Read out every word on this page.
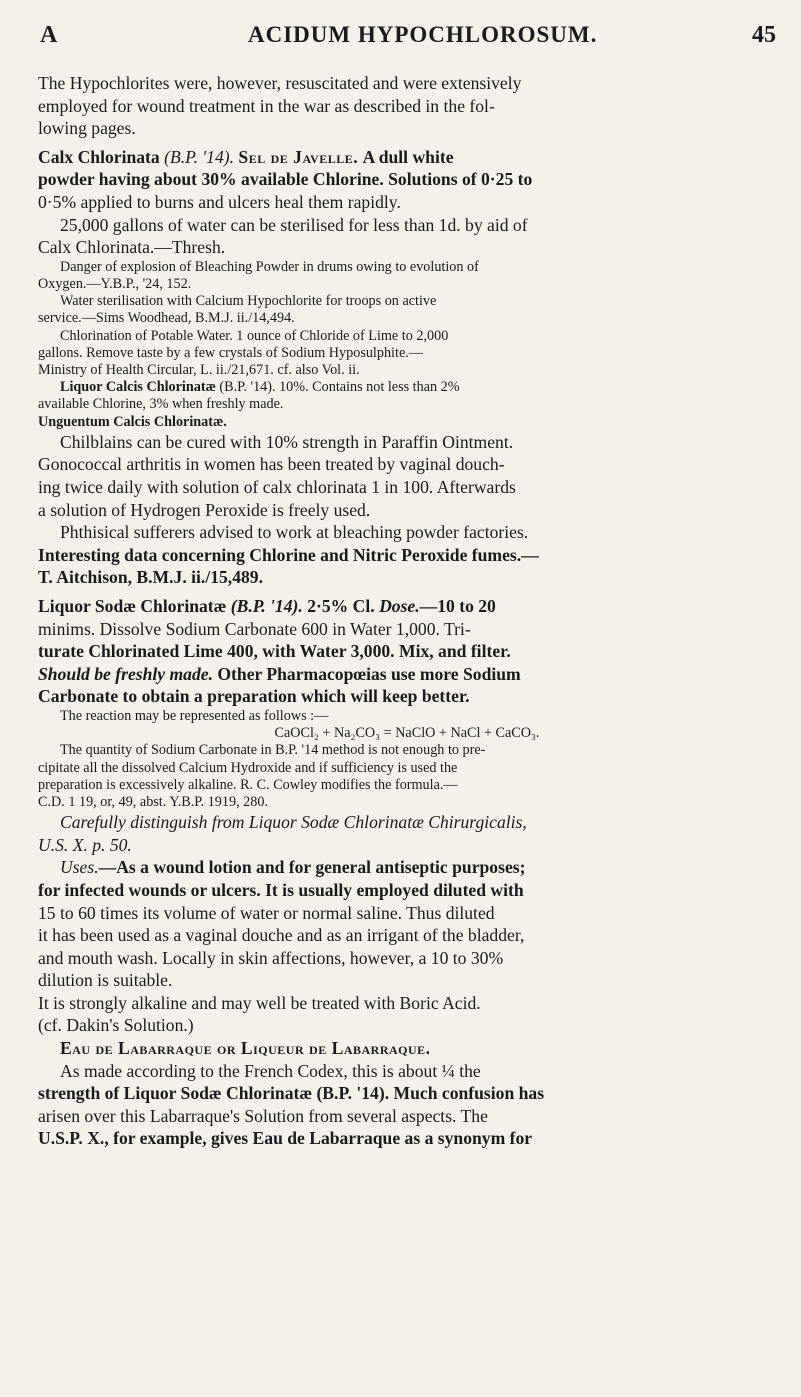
A	ACIDUM HYPOCHLOROSUM.	45
The Hypochlorites were, however, resuscitated and were extensively
employed for wound treatment in the war as described in the fol-
lowing pages.
Calx Chlorinata (B.P. '14). Sel de Javelle. A dull white
powder having about 30% available Chlorine. Solutions of 0·25 to
0·5% applied to burns and ulcers heal them rapidly.
25,000 gallons of water can be sterilised for less than 1d. by aid of
Calx Chlorinata.—Thresh.
Danger of explosion of Bleaching Powder in drums owing to evolution of
Oxygen.—Y.B.P., '24, 152.
Water sterilisation with Calcium Hypochlorite for troops on active
service.—Sims Woodhead, B.M.J. ii./14,494.
Chlorination of Potable Water. 1 ounce of Chloride of Lime to 2,000
gallons. Remove taste by a few crystals of Sodium Hyposulphite.—
Ministry of Health Circular, L. ii./21,671. cf. also Vol. ii.
Liquor Calcis Chlorinatæ (B.P. '14). 10%. Contains not less than 2%
available Chlorine, 3% when freshly made.
Unguentum Calcis Chlorinatæ.
Chilblains can be cured with 10% strength in Paraffin Ointment.
Gonococcal arthritis in women has been treated by vaginal douch-
ing twice daily with solution of calx chlorinata 1 in 100. Afterwards
a solution of Hydrogen Peroxide is freely used.
Phthisical sufferers advised to work at bleaching powder factories.
Interesting data concerning Chlorine and Nitric Peroxide fumes.—
T. Aitchison, B.M.J. ii./15,489.
Liquor Sodæ Chlorinatæ (B.P. '14). 2·5% Cl. Dose.—10 to 20
minims. Dissolve Sodium Carbonate 600 in Water 1,000. Tri-
turate Chlorinated Lime 400, with Water 3,000. Mix, and filter.
Should be freshly made. Other Pharmacopœias use more Sodium
Carbonate to obtain a preparation which will keep better.
The reaction may be represented as follows :—
CaOCl₂ + Na₂CO₃ = NaClO + NaCl + CaCO₃.
The quantity of Sodium Carbonate in B.P. '14 method is not enough to pre-
cipitate all the dissolved Calcium Hydroxide and if sufficiency is used the
preparation is excessively alkaline. R. C. Cowley modifies the formula.—
C.D. 1 19, or, 49, abst. Y.B.P. 1919, 280.
Carefully distinguish from Liquor Sodæ Chlorinatæ Chirurgicalis,
U.S. X. p. 50.
Uses.—As a wound lotion and for general antiseptic purposes;
for infected wounds or ulcers. It is usually employed diluted with
15 to 60 times its volume of water or normal saline. Thus diluted
it has been used as a vaginal douche and as an irrigant of the bladder,
and mouth wash. Locally in skin affections, however, a 10 to 30%
dilution is suitable.
It is strongly alkaline and may well be treated with Boric Acid.
(cf. Dakin's Solution.)
Eau de Labarraque or Liqueur de Labarraque.
As made according to the French Codex, this is about ¼ the
strength of Liquor Sodæ Chlorinatæ (B.P. '14). Much confusion has
arisen over this Labarraque's Solution from several aspects. The
U.S.P. X., for example, gives Eau de Labarraque as a synonym for
